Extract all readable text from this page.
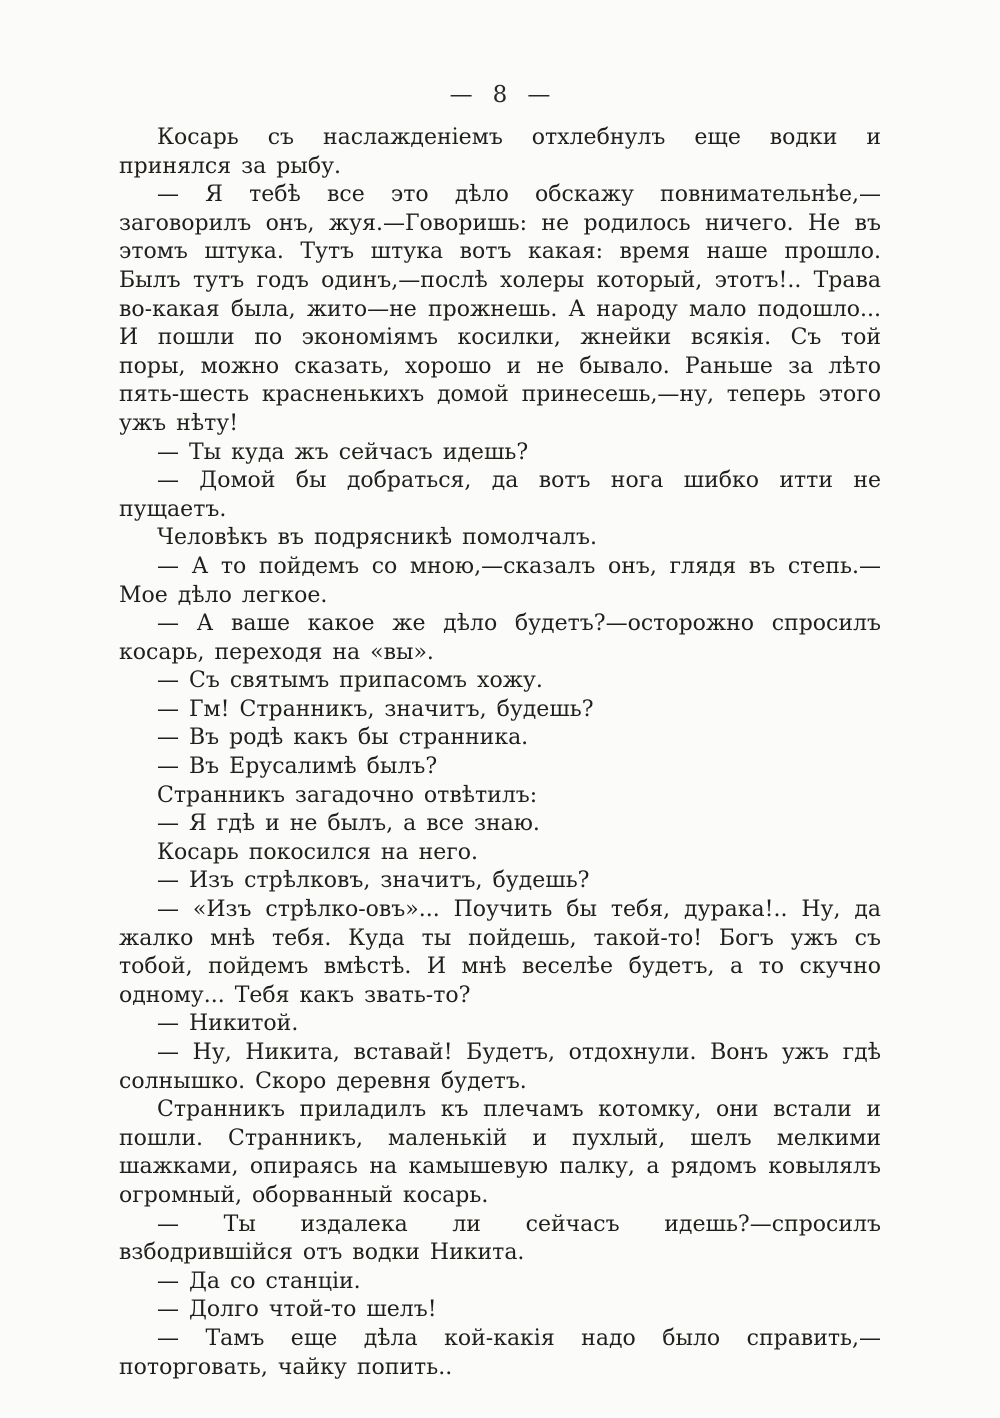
— 8 —

Косарь съ наслажденіемъ отхлебнулъ еще водки и принялся за рыбу.

— Я тебѣ все это дѣло обскажу повнимательнѣе,—заговорилъ онъ, жуя.—Говоришь: не родилось ничего. Не въ этомъ штука. Тутъ штука вотъ какая: время наше прошло. Былъ тутъ годъ одинъ,—послѣ холеры который, этотъ!.. Трава во-какая была, жито—не прожнешь. А народу мало подошло... И пошли по экономіямъ косилки, жнейки всякія. Съ той поры, можно сказать, хорошо и не бывало. Раньше за лѣто пять-шесть красненькихъ домой принесешь,—ну, теперь этого ужъ нѣту!

— Ты куда жъ сейчасъ идешь?

— Домой бы добраться, да вотъ нога шибко итти не пущаетъ.

Человѣкъ въ подрясникѣ помолчалъ.

— А то пойдемъ со мною,—сказалъ онъ, глядя въ степь.— Мое дѣло легкое.

— А ваше какое же дѣло будетъ?—осторожно спросилъ косарь, переходя на «вы».

— Съ святымъ припасомъ хожу.

— Гм! Странникъ, значитъ, будешь?

— Въ родѣ какъ бы странника.

— Въ Ерусалимѣ былъ?

Странникъ загадочно отвѣтилъ:

— Я гдѣ и не былъ, а все знаю.

Косарь покосился на него.

— Изъ стрѣлковъ, значитъ, будешь?

— «Изъ стрѣлко-овъ»... Поучить бы тебя, дурака!.. Ну, да жалко мнѣ тебя. Куда ты пойдешь, такой-то! Богъ ужъ съ тобой, пойдемъ вмѣстѣ. И мнѣ веселѣе будетъ, а то скучно одному... Тебя какъ звать-то?

— Никитой.

— Ну, Никита, вставай! Будетъ, отдохнули. Вонъ ужъ гдѣ солнышко. Скоро деревня будетъ.

Странникъ приладилъ къ плечамъ котомку, они встали и пошли. Странникъ, маленькій и пухлый, шелъ мелкими шажками, опираясь на камышевую палку, а рядомъ ковылялъ огромный, оборванный косарь.

— Ты издалека ли сейчасъ идешь?—спросилъ взбодрившійся отъ водки Никита.

— Да со станціи.

— Долго чтой-то шелъ!

— Тамъ еще дѣла кой-какія надо было справить,—поторговать, чайку попить..
